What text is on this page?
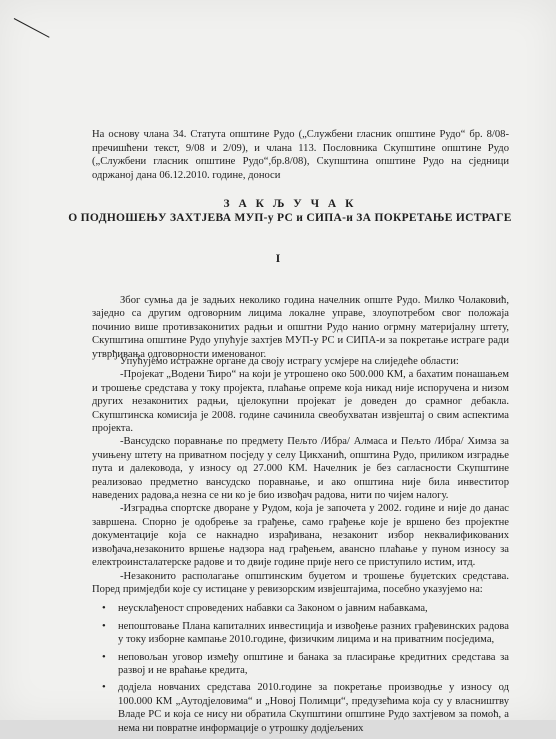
На основу члана 34. Статута општине Рудо („Службени гласник општине Рудо“ бр. 8/08-пречишћени текст, 9/08 и 2/09), и члана 113. Пословника Скупштине општине Рудо („Службени гласник општине Рудо“,бр.8/08), Скупштина општине Рудо на сједници одржаној дана 06.12.2010. године, доноси
З А К Љ У Ч А К
О ПОДНОШЕЊУ ЗАХТЈЕВА МУП-у РС и СИПА-и ЗА ПОКРЕТАЊЕ ИСТРАГЕ
I

Због сумња да је задњих неколико година начелник опште Рудо. Милко Чолаковић, заједно са другим одговорним лицима локалне управе, злоупотребом свог положаја починио више противзаконитих радњи и општни Рудо нанио огрмну материјалну штету, Скупштина општине Рудо упућује захтјев МУП-у РС и СИПА-и за покретање истраге ради утврђивања одговорности именованог.

Упућујемо истражне органе да своју истрагу усмјере на слиједеће области:

-Пројекат „Водени Ћиро“ на који је утрошено око 500.000 КМ, а бахатим понашањем и трошење средстава у току пројекта, плаћање опреме која никад није испоручена и низом других незаконитих радњи, цјелокупни пројекат је доведен до срамног дебакла. Скупштинска комисија је 2008. године сачинила свеобухватан извјештај о свим аспектима пројекта.

-Вансудско поравнање по предмету Пељто /Ибра/ Алмаса и Пељто /Ибра/ Химза за учињену штету на приватном посједу у селу Цикханић, општина Рудо, приликом изградње пута и далековода, у износу од 27.000 КМ. Начелник је без сагласности Скупштине реализовао предметно вансудско поравнање, и ако општина није била инвеститор наведених радова,а незна се ни ко је био извођач радова, нити по чијем налогу.

-Изградња спортске дворане у Рудом, која је започета у 2002. године и није до данас завршена. Спорно је одобрење за грађење, само грађење које је вршено без пројектне документације која се накнадно израђивана, незаконит избор неквалификованих извођача,незаконито вршење надзора над грађењем, авансно плаћање у пуном износу за електроинсталатерске радове и то двије године прије него се приступило истим, итд.

-Незаконито располагање општинским буџетом и трошење буџетских средстава. Поред примједби које су истицане у ревизорским извјештајима, посебно указујемо на:

• неусклађеност спроведених набавки са Законом о јавним набавкама,
• непоштовање Плана капиталних инвестиција и извођење разних грађевинских радова у току изборне кампање 2010.године, физичким лицима и на приватним посједима,
• неповољан уговор између општине и банака за пласирање кредитних средстава за развој и не враћање кредита,
• додјела новчаних средстава 2010.године за покретање производње у износу од 100.000 КМ „Аутодјеловима“ и „Новој Полимци“, предузећима која су у власништву Владе РС и која се нису ни обратила Скупштини општине Рудо захтјевом за помоћ, а нема ни повратне информације о утрошку додјељених
